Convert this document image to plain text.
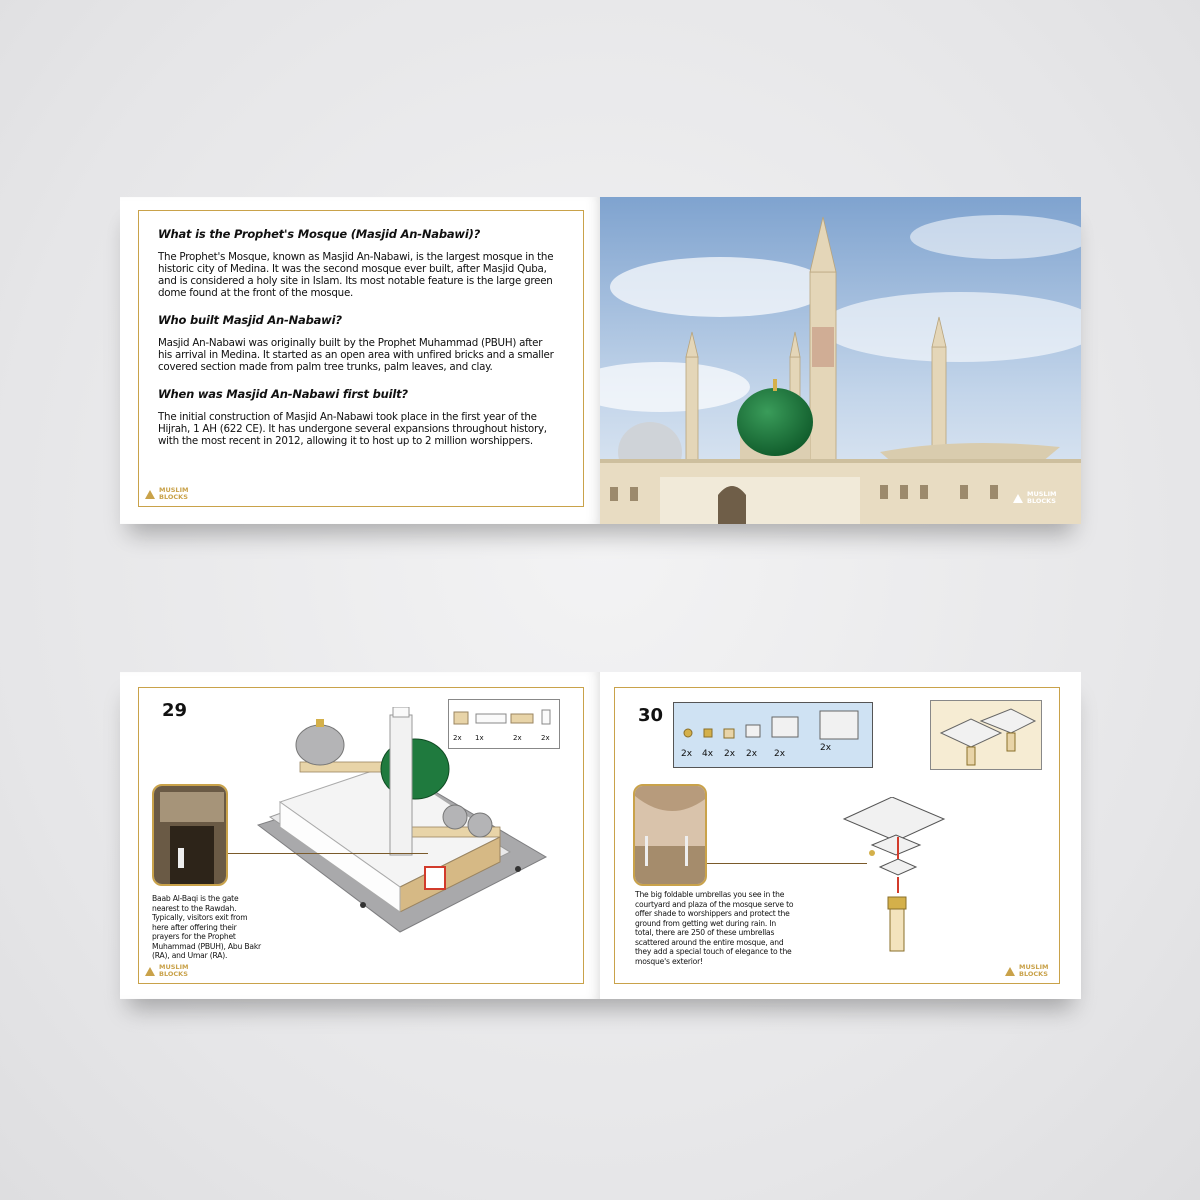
What is the Prophet's Mosque (Masjid An-Nabawi)?
The Prophet's Mosque, known as Masjid An-Nabawi, is the largest mosque in the historic city of Medina. It was the second mosque ever built, after Masjid Quba, and is considered a holy site in Islam. Its most notable feature is the large green dome found at the front of the mosque.
Who built Masjid An-Nabawi?
Masjid An-Nabawi was originally built by the Prophet Muhammad (PBUH) after his arrival in Medina. It started as an open area with unfired bricks and a smaller covered section made from palm tree trunks, palm leaves, and clay.
When was Masjid An-Nabawi first built?
The initial construction of Masjid An-Nabawi took place in the first year of the Hijrah, 1 AH (622 CE). It has undergone several expansions throughout history, with the most recent in 2012, allowing it to host up to 2 million worshippers.
MUSLIM
BLOCKS	MUSLIM
BLOCKS
29
2x 1x	2x	2x
Baab Al-Baqi is the gate nearest to the Rawdah. Typically, visitors exit from here after offering their prayers for the Prophet Muhammad (PBUH), Abu Bakr (RA), and Umar (RA).
MUSLIM
BLOCKS
30
2x 4x 2x 2x 2x
2x
The big foldable umbrellas you see in the courtyard and plaza of the mosque serve to offer shade to worshippers and protect the ground from getting wet during rain. In total, there are 250 of these umbrellas scattered around the entire mosque, and they add a special touch of elegance to the mosque's exterior!
MUSLIM
BLOCKS
